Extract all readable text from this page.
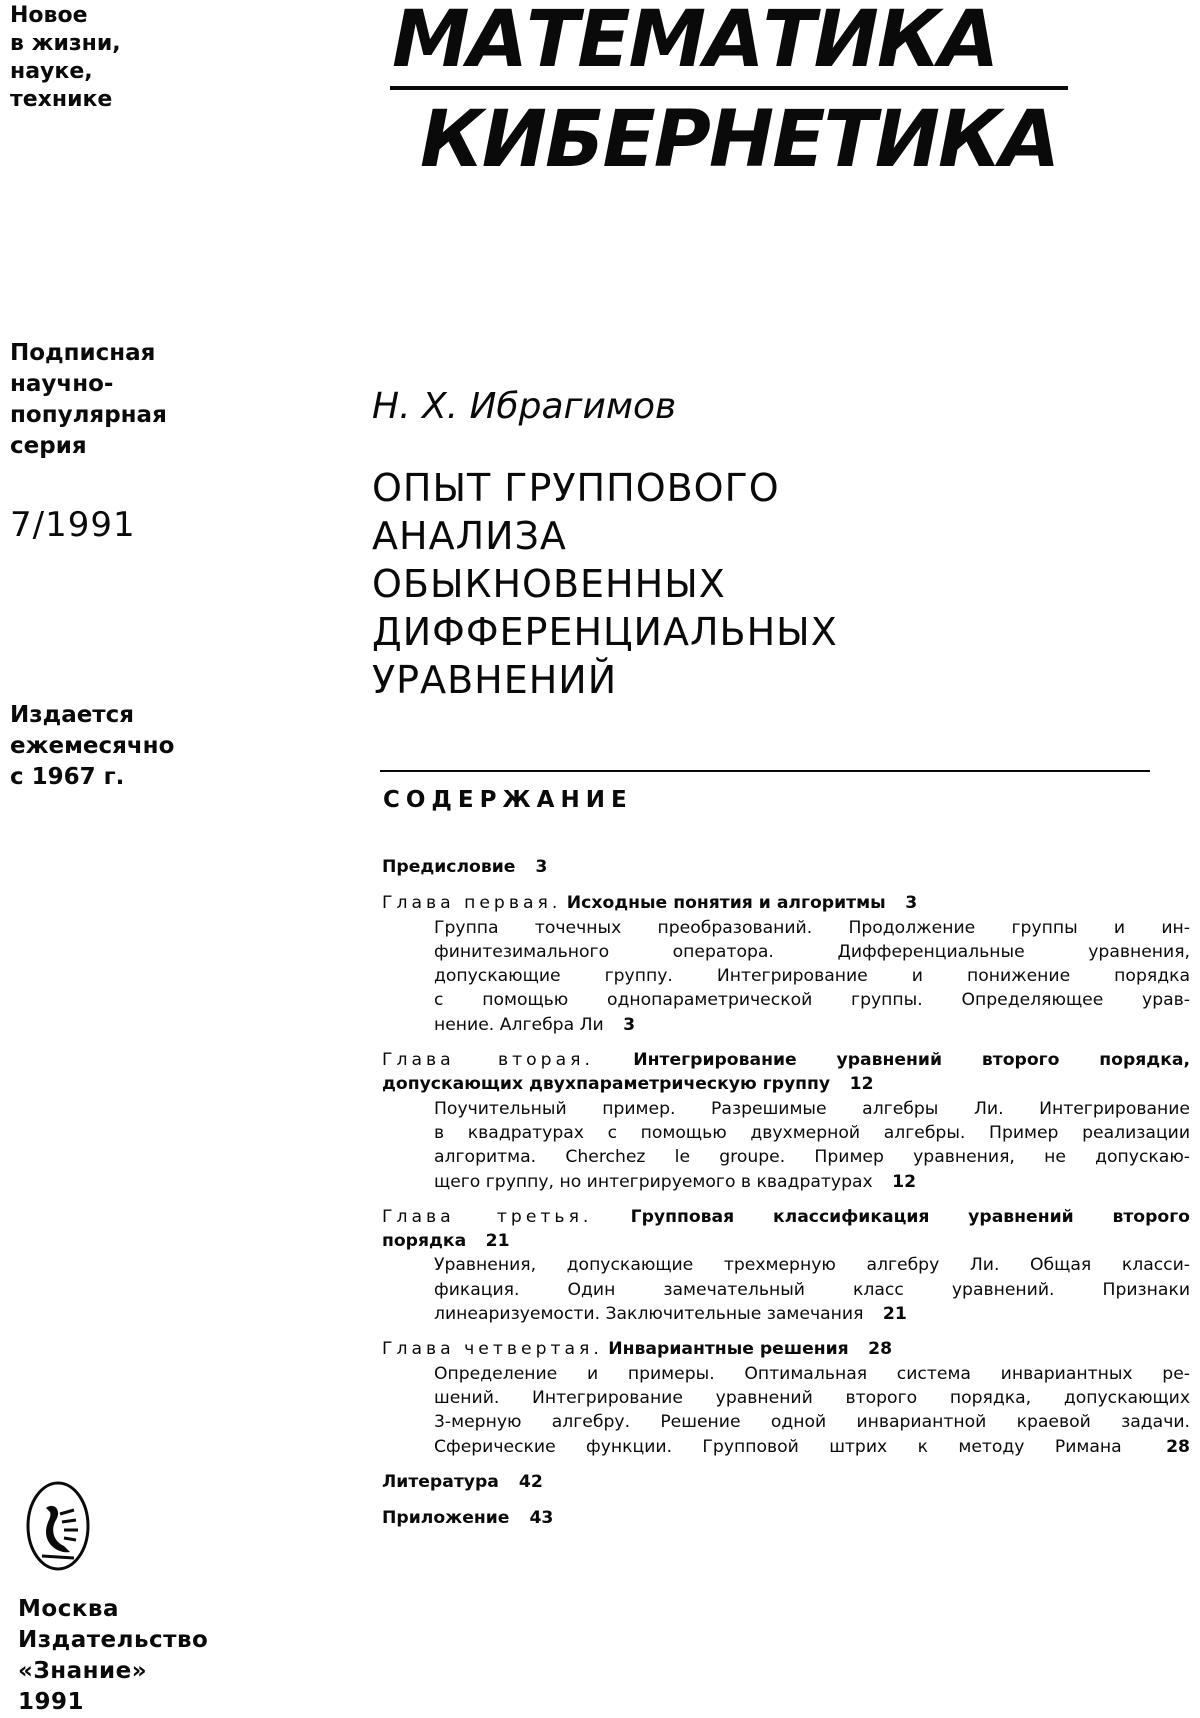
Новое
в жизни,
науке,
технике
Подписная
научно-
популярная
серия
7/1991
Издается
ежемесячно
с 1967 г.
Москва
Издательство
«Знание»
1991
МАТЕМАТИКА
КИБЕРНЕТИКА
Н. Х. Ибрагимов
ОПЫТ ГРУППОВОГО
АНАЛИЗА
ОБЫКНОВЕННЫХ
ДИФФЕРЕНЦИАЛЬНЫХ
УРАВНЕНИЙ
СОДЕРЖАНИЕ
Предисловие 3
Глава первая. Исходные понятия и алгоритмы 3
Группа точечных преобразований. Продолжение группы и ин-
финитезимального оператора. Дифференциальные уравнения,
допускающие группу. Интегрирование и понижение порядка
с помощью однопараметрической группы. Определяющее урав-
нение. Алгебра Ли 3
Глава вторая. Интегрирование уравнений второго порядка,
допускающих двухпараметрическую группу 12
Поучительный пример. Разрешимые алгебры Ли. Интегрирование
в квадратурах с помощью двухмерной алгебры. Пример реализации
алгоритма. Cherchez le groupe. Пример уравнения, не допускаю-
щего группу, но интегрируемого в квадратурах 12
Глава третья. Групповая классификация уравнений второго
порядка 21
Уравнения, допускающие трехмерную алгебру Ли. Общая класси-
фикация. Один замечательный класс уравнений. Признаки
линеаризуемости. Заключительные замечания 21
Глава четвертая. Инвариантные решения 28
Определение и примеры. Оптимальная система инвариантных ре-
шений. Интегрирование уравнений второго порядка, допускающих
3-мерную алгебру. Решение одной инвариантной краевой задачи.
Сферические функции. Групповой штрих к методу Римана	28
Литература 42
Приложение 43
